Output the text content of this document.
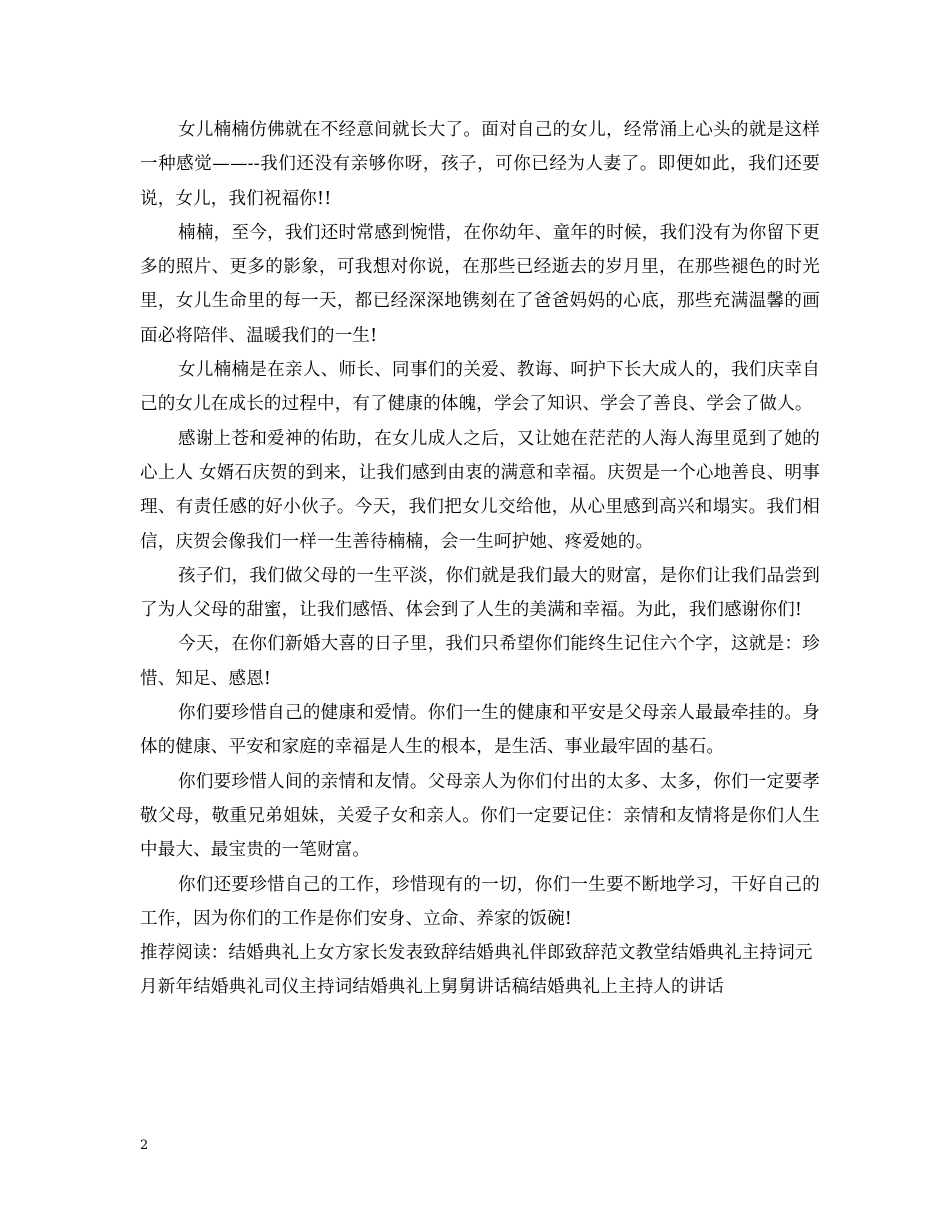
女儿楠楠仿佛就在不经意间就长大了。面对自己的女儿，经常涌上心头的就是这样一种感觉——--我们还没有亲够你呀，孩子，可你已经为人妻了。即便如此，我们还要说，女儿，我们祝福你!!

楠楠，至今，我们还时常感到惋惜，在你幼年、童年的时候，我们没有为你留下更多的照片、更多的影象，可我想对你说，在那些已经逝去的岁月里，在那些褪色的时光里，女儿生命里的每一天，都已经深深地镌刻在了爸爸妈妈的心底，那些充满温馨的画面必将陪伴、温暖我们的一生!

女儿楠楠是在亲人、师长、同事们的关爱、教诲、呵护下长大成人的，我们庆幸自己的女儿在成长的过程中，有了健康的体魄，学会了知识、学会了善良、学会了做人。

感谢上苍和爱神的佑助，在女儿成人之后，又让她在茫茫的人海人海里觅到了她的心上人 女婿石庆贺的到来，让我们感到由衷的满意和幸福。庆贺是一个心地善良、明事理、有责任感的好小伙子。今天，我们把女儿交给他，从心里感到高兴和塌实。我们相信，庆贺会像我们一样一生善待楠楠，会一生呵护她、疼爱她的。

孩子们，我们做父母的一生平淡，你们就是我们最大的财富，是你们让我们品尝到了为人父母的甜蜜，让我们感悟、体会到了人生的美满和幸福。为此，我们感谢你们!

今天，在你们新婚大喜的日子里，我们只希望你们能终生记住六个字，这就是：珍惜、知足、感恩!

你们要珍惜自己的健康和爱情。你们一生的健康和平安是父母亲人最最牵挂的。身体的健康、平安和家庭的幸福是人生的根本，是生活、事业最牢固的基石。

你们要珍惜人间的亲情和友情。父母亲人为你们付出的太多、太多，你们一定要孝敬父母，敬重兄弟姐妹，关爱子女和亲人。你们一定要记住：亲情和友情将是你们人生中最大、最宝贵的一笔财富。

你们还要珍惜自己的工作，珍惜现有的一切，你们一生要不断地学习，干好自己的工作，因为你们的工作是你们安身、立命、养家的饭碗!

推荐阅读：结婚典礼上女方家长发表致辞结婚典礼伴郎致辞范文教堂结婚典礼主持词元月新年结婚典礼司仪主持词结婚典礼上舅舅讲话稿结婚典礼上主持人的讲话

2
